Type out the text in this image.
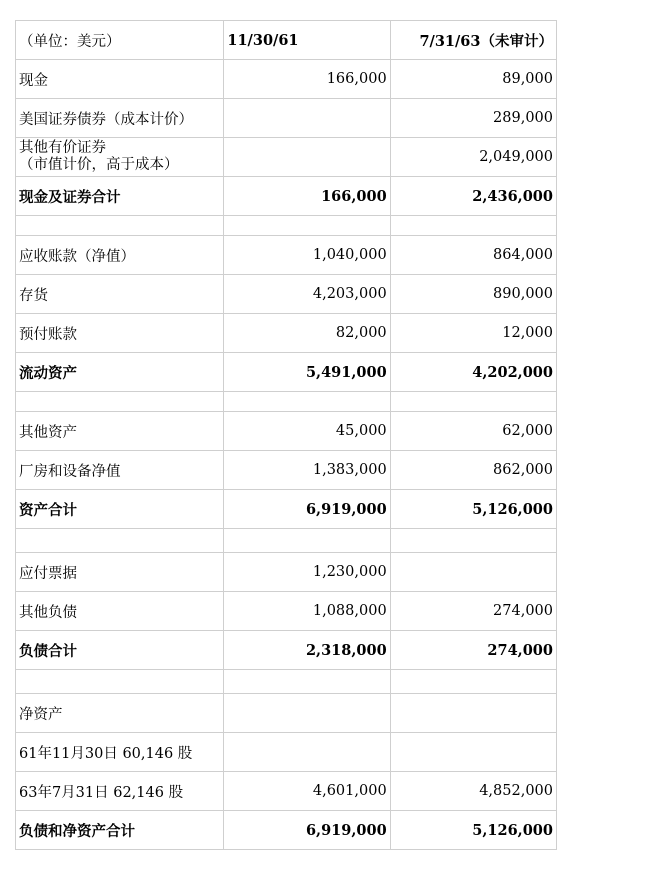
（单位：美元）	11/30/61	7/31/63（未审计）
现金	166,000	89,000
美国证券债券（成本计价）		289,000

其他有价证券
（市值计价，高于成本）		2,049,000
现金及证券合计	166,000	2,436,000

应收账款（净值）	1,040,000	864,000
存货	4,203,000	890,000
预付账款	82,000	12,000
流动资产	5,491,000	4,202,000

其他资产	45,000	62,000
厂房和设备净值	1,383,000	862,000
资产合计	6,919,000	5,126,000

应付票据	1,230,000	
其他负债	1,088,000	274,000
负债合计	2,318,000	274,000

净资产		
61年11月30日 60,146 股		
63年7月31日 62,146 股	4,601,000	4,852,000
负债和净资产合计	6,919,000	5,126,000
